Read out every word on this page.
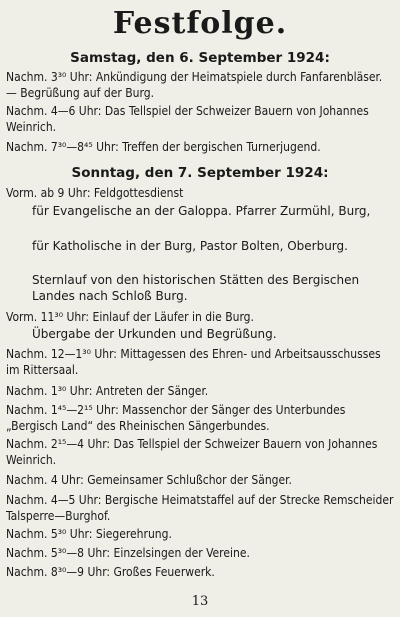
Festfolge.
Samstag, den 6. September 1924:
Nachm. 3³⁰ Uhr: Ankündigung der Heimatspiele durch Fanfarenbläser. — Begrüßung auf der Burg.
Nachm. 4—6 Uhr: Das Tellspiel der Schweizer Bauern von Johannes Weinrich.
Nachm. 7³⁰—8⁴⁵ Uhr: Treffen der bergischen Turnerjugend.
Sonntag, den 7. September 1924:
Vorm. ab 9 Uhr: Feldgottesdienst
für Evangelische an der Galoppa. Pfarrer Zurmühl, Burg,
für Katholische in der Burg, Pastor Bolten, Oberburg.
Sternlauf von den historischen Stätten des Bergischen Landes nach Schloß Burg.
Vorm. 11³⁰ Uhr: Einlauf der Läufer in die Burg.
Übergabe der Urkunden und Begrüßung.
Nachm. 12—1³⁰ Uhr: Mittagessen des Ehren- und Arbeitsausschusses im Rittersaal.
Nachm. 1³⁰ Uhr: Antreten der Sänger.
Nachm. 1⁴⁵—2¹⁵ Uhr: Massenchor der Sänger des Unterbundes „Bergisch Land“ des Rheinischen Sängerbundes.
Nachm. 2¹⁵—4 Uhr: Das Tellspiel der Schweizer Bauern von Johannes Weinrich.
Nachm. 4 Uhr: Gemeinsamer Schlußchor der Sänger.
Nachm. 4—5 Uhr: Bergische Heimatstaffel auf der Strecke Remscheider Talsperre—Burghof.
Nachm. 5³⁰ Uhr: Siegerehrung.
Nachm. 5³⁰—8 Uhr: Einzelsingen der Vereine.
Nachm. 8³⁰—9 Uhr: Großes Feuerwerk.
13
